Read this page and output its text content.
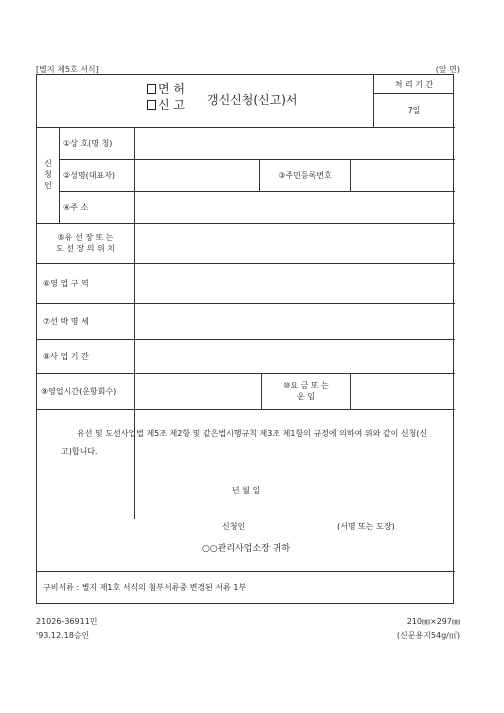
[별지 제5호 서식]	(앞 면)
면 허
신 고 갱신신청(신고)서
처 리 기 간
7일
신청인
①상 호(명 칭)
②성명(대표자)	③주민등록번호
④주 소
⑤유 선 장 또 는
도 선 장 의 위 치
⑥영 업 구 역
⑦선 박 명 세
⑧사 업 기 간
⑨영업시간(운항회수)
⑩요 금 또 는
운 임
유선 및 도선사업법 제5조 제2항 및 같은법시행규칙 제3조 제1항의 규정에 의하여 위와 같이 신청(신고)합니다.
년 월 일
신청인	(서명 또는 도장)
○○관리사업소장 귀하
구비서류 : 별지 제1호 서식의 첨부서류중 변경된 서류 1부
21026-36911민
'93.12.18승인
210㎜×297㎜
(신문용지54g/㎡)
